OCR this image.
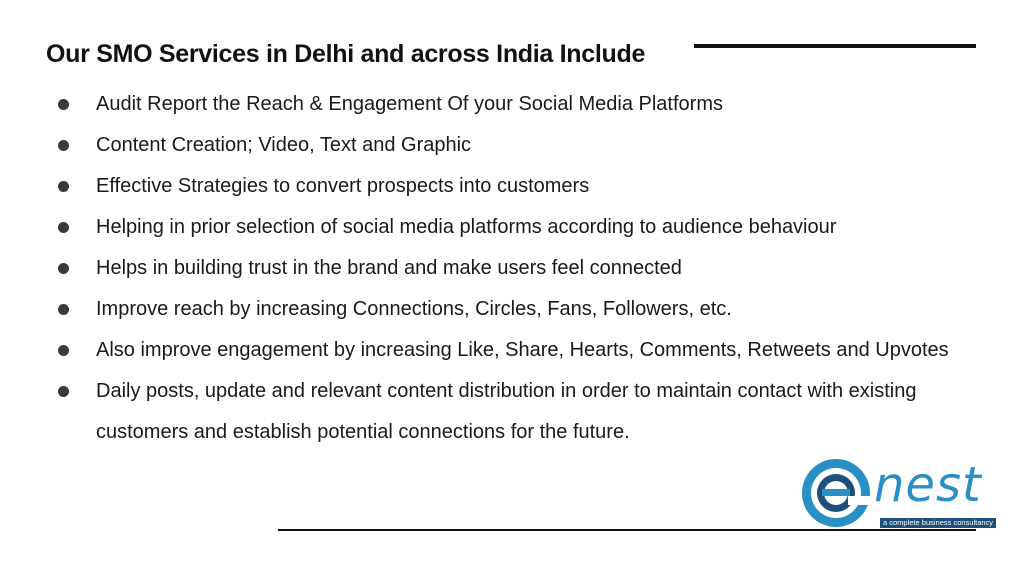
Our SMO Services in Delhi and across India Include
Audit Report the Reach & Engagement Of your Social Media Platforms
Content Creation; Video, Text and Graphic
Effective Strategies to convert prospects into customers
Helping in prior selection of social media platforms according to audience behaviour
Helps in building trust in the brand and make users feel connected
Improve reach by increasing Connections, Circles, Fans, Followers, etc.
Also improve engagement by increasing Like, Share, Hearts, Comments, Retweets and Upvotes
Daily posts, update and relevant content distribution in order to maintain contact with existing customers and establish potential connections for the future.
nest
a complete business consultancy
